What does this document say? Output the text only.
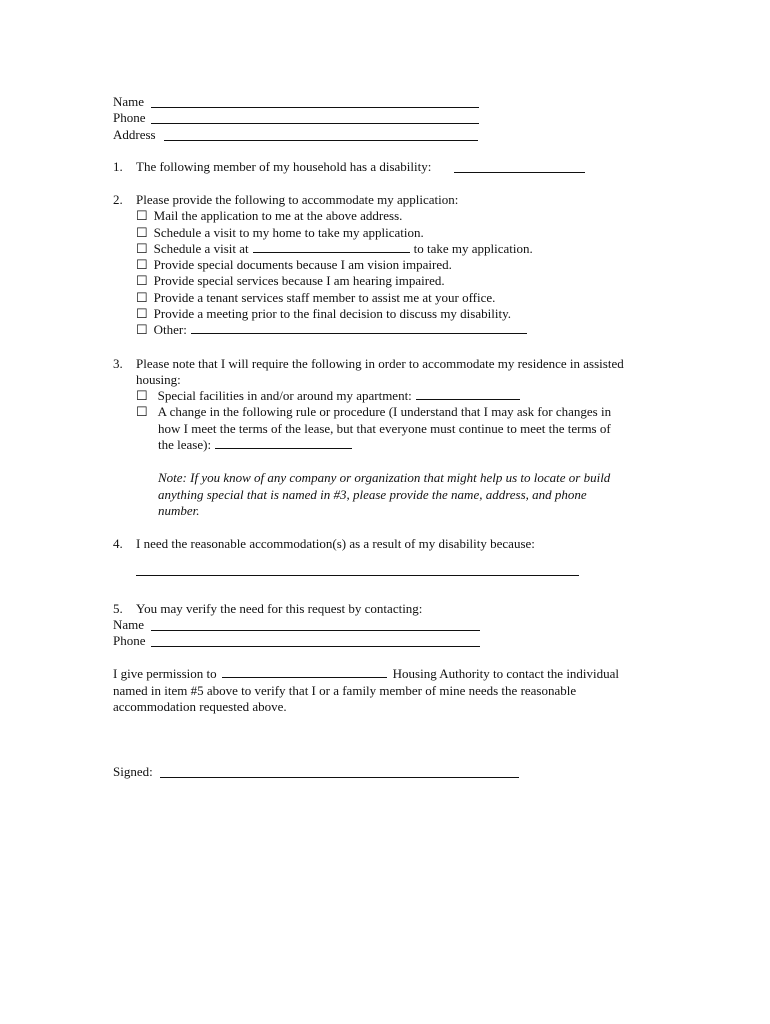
Name
Phone
Address
1. The following member of my household has a disability:
2. Please provide the following to accommodate my application:
☐ Mail the application to me at the above address.
☐ Schedule a visit to my home to take my application.
☐ Schedule a visit at	to take my application.
☐ Provide special documents because I am vision impaired.
☐ Provide special services because I am hearing impaired.
☐ Provide a tenant services staff member to assist me at your office.
☐ Provide a meeting prior to the final decision to discuss my disability.
☐ Other:
3. Please note that I will require the following in order to accommodate my residence in assisted
housing:
☐ Special facilities in and/or around my apartment:
☐ A change in the following rule or procedure (I understand that I may ask for changes in
how I meet the terms of the lease, but that everyone must continue to meet the terms of
the lease):
Note: If you know of any company or organization that might help us to locate or build
anything special that is named in #3, please provide the name, address, and phone
number.
4. I need the reasonable accommodation(s) as a result of my disability because:
5. You may verify the need for this request by contacting:
Name
Phone
I give permission to	Housing Authority to contact the individual
named in item #5 above to verify that I or a family member of mine needs the reasonable
accommodation requested above.
Signed:
